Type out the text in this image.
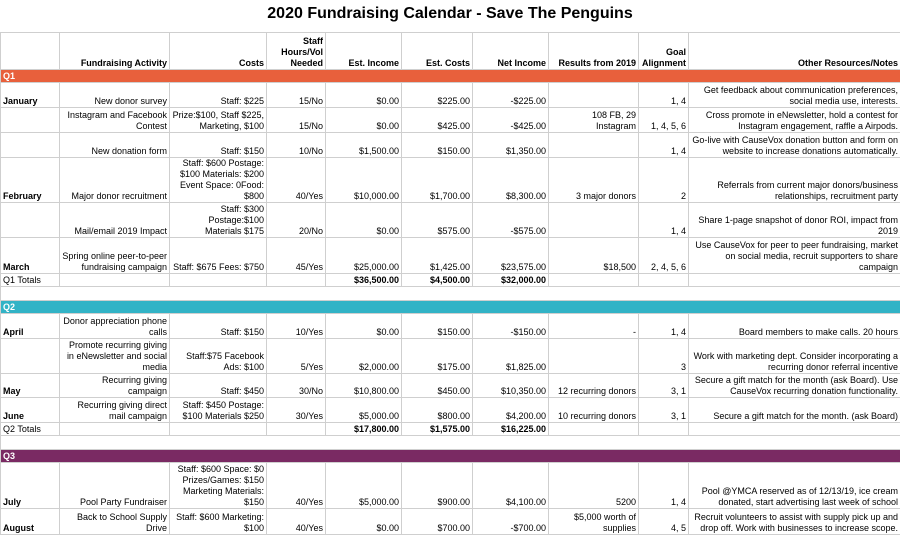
2020 Fundraising Calendar - Save The Penguins
	Fundraising Activity	Costs	Staff Hours/Vol Needed	Est. Income	Est. Costs	Net Income	Results from 2019	Goal Alignment	Other Resources/Notes
Q1									
January	New donor survey	Staff: $225	15/No	$0.00	$225.00	-$225.00		1, 4	Get feedback about communication preferences, social media use, interests.
	Instagram and Facebook Contest	Prize:$100, Staff $225, Marketing, $100	15/No	$0.00	$425.00	-$425.00	108 FB, 29 Instagram	1, 4, 5, 6	Cross promote in eNewsletter, hold a contest for Instagram engagement, raffle a Airpods.
	New donation form	Staff: $150	10/No	$1,500.00	$150.00	$1,350.00		1, 4	Go-live with CauseVox donation button and form on website to increase donations automatically.
February	Major donor recruitment	Staff: $600 Postage: $100 Materials: $200 Event Space: 0Food: $800	40/Yes	$10,000.00	$1,700.00	$8,300.00	3 major donors	2	Referrals from current major donors/business relationships, recruitment party
	Mail/email 2019 Impact	Staff: $300 Postage:$100 Materials $175	20/No	$0.00	$575.00	-$575.00		1, 4	Share 1-page snapshot of donor ROI, impact from 2019
March	Spring online peer-to-peer fundraising campaign	Staff: $675 Fees: $750	45/Yes	$25,000.00	$1,425.00	$23,575.00	$18,500	2, 4, 5, 6	Use CauseVox for peer to peer fundraising, market on social media, recruit supporters to share campaign
Q1 Totals				$36,500.00	$4,500.00	$32,000.00			

Q2									
April	Donor appreciation phone calls	Staff: $150	10/Yes	$0.00	$150.00	-$150.00	-	1, 4	Board members to make calls. 20 hours
	Promote recurring giving in eNewsletter and social media	Staff:$75 Facebook Ads: $100	5/Yes	$2,000.00	$175.00	$1,825.00		3	Work with marketing dept. Consider incorporating a recurring donor referral incentive
May	Recurring giving campaign	Staff: $450	30/No	$10,800.00	$450.00	$10,350.00	12 recurring donors	3, 1	Secure a gift match for the month (ask Board). Use CauseVox recurring donation functionality.
June	Recurring giving direct mail campaign	Staff: $450 Postage: $100 Materials $250	30/Yes	$5,000.00	$800.00	$4,200.00	10 recurring donors	3, 1	Secure a gift match for the month. (ask Board)
Q2 Totals				$17,800.00	$1,575.00	$16,225.00			

Q3									
July	Pool Party Fundraiser	Staff: $600 Space: $0 Prizes/Games: $150 Marketing Materials: $150	40/Yes	$5,000.00	$900.00	$4,100.00	5200	1, 4	Pool @YMCA reserved as of 12/13/19, ice cream donated, start advertising last week of school
August	Back to School Supply Drive	Staff: $600 Marketing: $100	40/Yes	$0.00	$700.00	-$700.00	$5,000 worth of supplies	4, 5	Recruit volunteers to assist with supply pick up and drop off. Work with businesses to increase scope.
